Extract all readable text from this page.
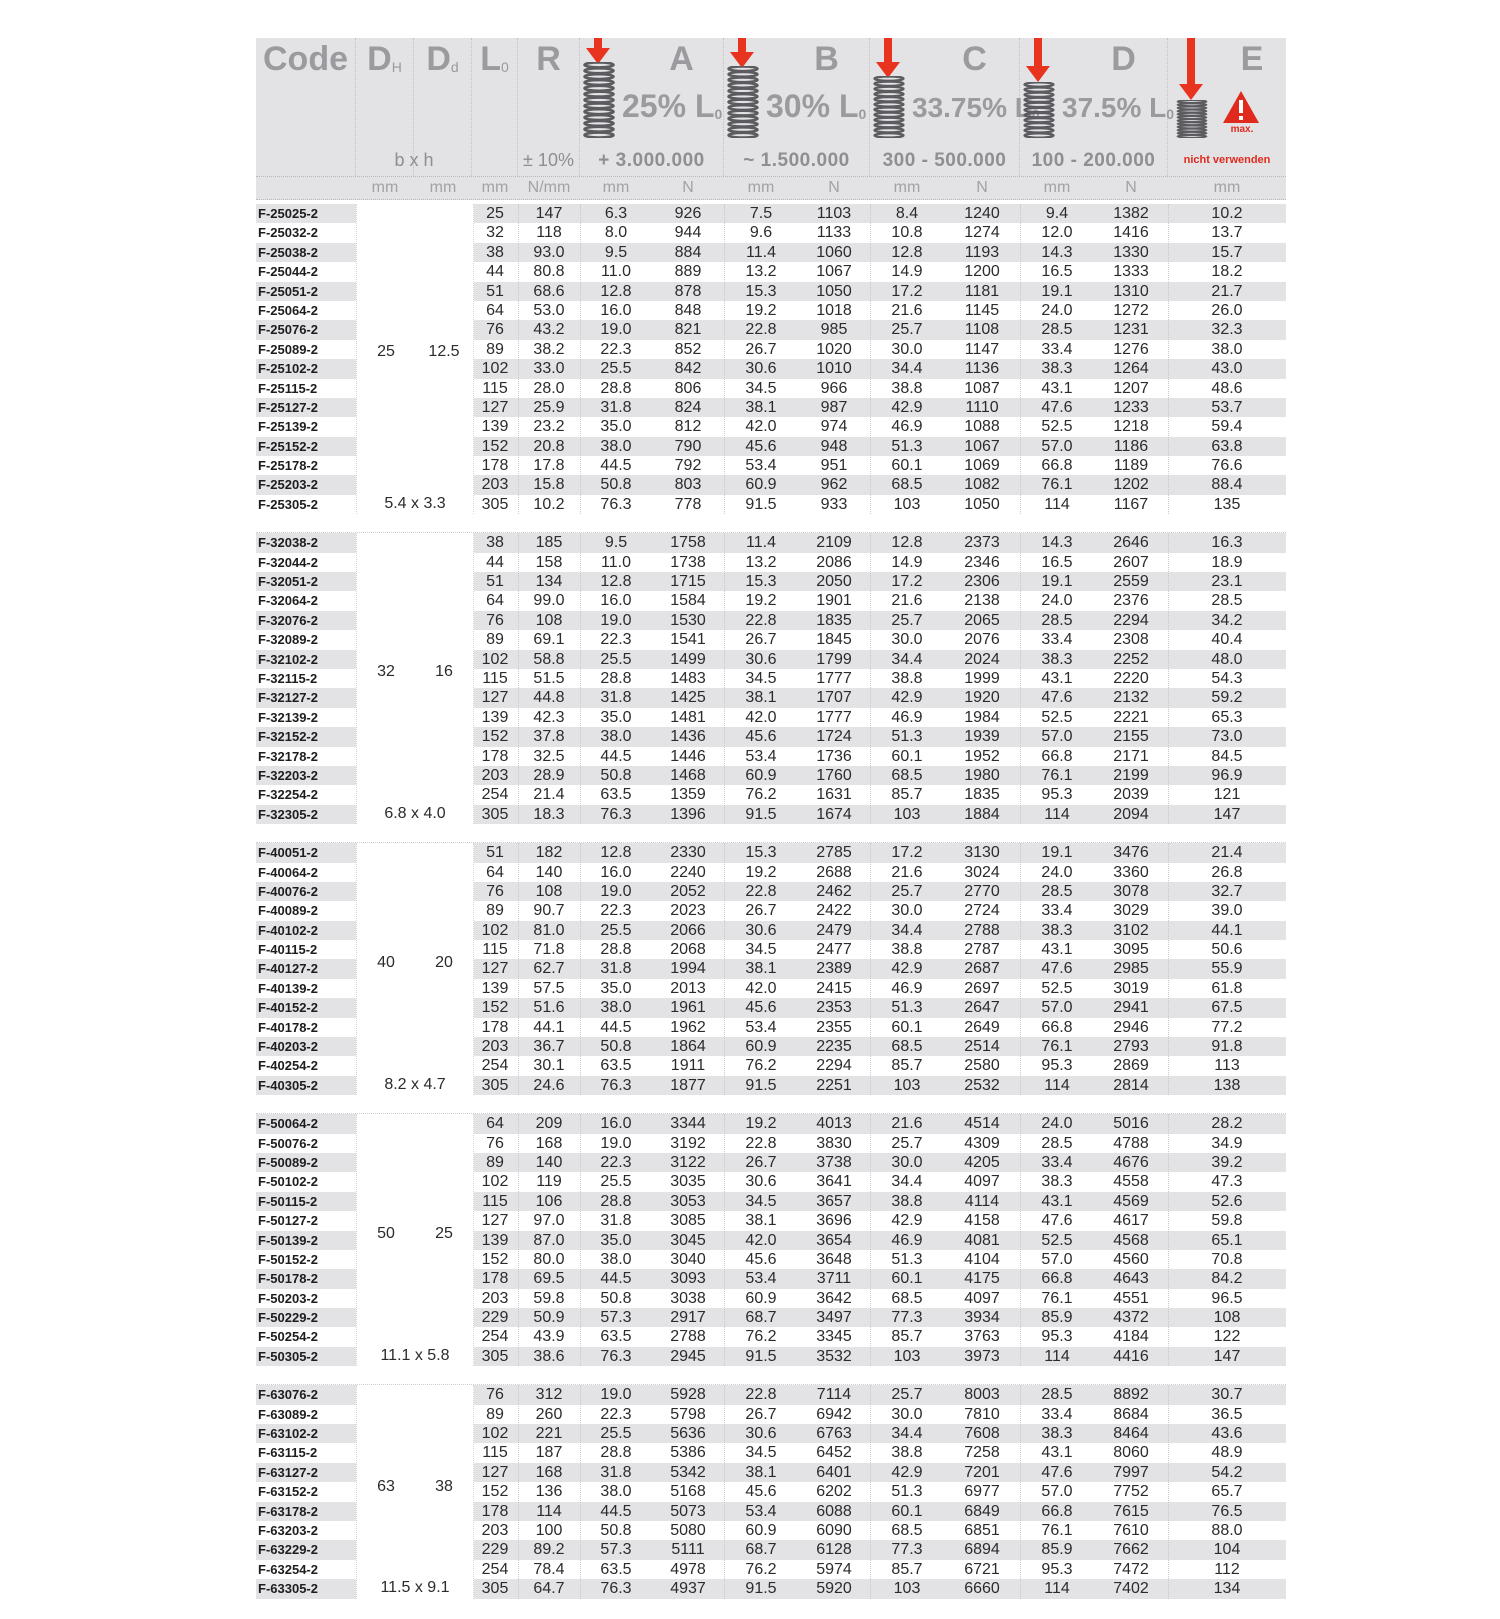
Code $D_H$ $D_d$
b x h
$L_0$ R
± 10%
A
25% $L_0$
+ 3.000.000
B
30% $L_0$
~ 1.500.000
C
33.75% $L_0$
300 - 500.000
D
37.5% $L_0$
100 - 200.000
E
max.
nicht verwenden
mm	mm	mm	N/mm	mm	N	mm	N	mm	N	mm	N	mm
F-25025-2	25	147	6.3	926	7.5	1103	8.4	1240	9.4	1382	10.2
F-25032-2	32	118	8.0	944	9.6	1133	10.8	1274	12.0	1416	13.7
F-25038-2	38	93.0	9.5	884	11.4	1060	12.8	1193	14.3	1330	15.7
F-25044-2	44	80.8	11.0	889	13.2	1067	14.9	1200	16.5	1333	18.2
F-25051-2	51	68.6	12.8	878	15.3	1050	17.2	1181	19.1	1310	21.7
F-25064-2	64	53.0	16.0	848	19.2	1018	21.6	1145	24.0	1272	26.0
F-25076-2	76	43.2	19.0	821	22.8	985	25.7	1108	28.5	1231	32.3
F-25089-2	89	38.2	22.3	852	26.7	1020	30.0	1147	33.4	1276	38.0
F-25102-2	102	33.0	25.5	842	30.6	1010	34.4	1136	38.3	1264	43.0
F-25115-2	115	28.0	28.8	806	34.5	966	38.8	1087	43.1	1207	48.6
F-25127-2	127	25.9	31.8	824	38.1	987	42.9	1110	47.6	1233	53.7
F-25139-2	139	23.2	35.0	812	42.0	974	46.9	1088	52.5	1218	59.4
F-25152-2	152	20.8	38.0	790	45.6	948	51.3	1067	57.0	1186	63.8
F-25178-2	178	17.8	44.5	792	53.4	951	60.1	1069	66.8	1189	76.6
F-25203-2	203	15.8	50.8	803	60.9	962	68.5	1082	76.1	1202	88.4
F-25305-2	305	10.2	76.3	778	91.5	933	103	1050	114	1167	135
25	12.5
5.4 x 3.3
F-32038-2	38	185	9.5	1758	11.4	2109	12.8	2373	14.3	2646	16.3
F-32044-2	44	158	11.0	1738	13.2	2086	14.9	2346	16.5	2607	18.9
F-32051-2	51	134	12.8	1715	15.3	2050	17.2	2306	19.1	2559	23.1
F-32064-2	64	99.0	16.0	1584	19.2	1901	21.6	2138	24.0	2376	28.5
F-32076-2	76	108	19.0	1530	22.8	1835	25.7	2065	28.5	2294	34.2
F-32089-2	89	69.1	22.3	1541	26.7	1845	30.0	2076	33.4	2308	40.4
F-32102-2	102	58.8	25.5	1499	30.6	1799	34.4	2024	38.3	2252	48.0
F-32115-2	115	51.5	28.8	1483	34.5	1777	38.8	1999	43.1	2220	54.3
F-32127-2	127	44.8	31.8	1425	38.1	1707	42.9	1920	47.6	2132	59.2
F-32139-2	139	42.3	35.0	1481	42.0	1777	46.9	1984	52.5	2221	65.3
F-32152-2	152	37.8	38.0	1436	45.6	1724	51.3	1939	57.0	2155	73.0
F-32178-2	178	32.5	44.5	1446	53.4	1736	60.1	1952	66.8	2171	84.5
F-32203-2	203	28.9	50.8	1468	60.9	1760	68.5	1980	76.1	2199	96.9
F-32254-2	254	21.4	63.5	1359	76.2	1631	85.7	1835	95.3	2039	121
F-32305-2	305	18.3	76.3	1396	91.5	1674	103	1884	114	2094	147
32	16
6.8 x 4.0
F-40051-2	51	182	12.8	2330	15.3	2785	17.2	3130	19.1	3476	21.4
F-40064-2	64	140	16.0	2240	19.2	2688	21.6	3024	24.0	3360	26.8
F-40076-2	76	108	19.0	2052	22.8	2462	25.7	2770	28.5	3078	32.7
F-40089-2	89	90.7	22.3	2023	26.7	2422	30.0	2724	33.4	3029	39.0
F-40102-2	102	81.0	25.5	2066	30.6	2479	34.4	2788	38.3	3102	44.1
F-40115-2	115	71.8	28.8	2068	34.5	2477	38.8	2787	43.1	3095	50.6
F-40127-2	127	62.7	31.8	1994	38.1	2389	42.9	2687	47.6	2985	55.9
F-40139-2	139	57.5	35.0	2013	42.0	2415	46.9	2697	52.5	3019	61.8
F-40152-2	152	51.6	38.0	1961	45.6	2353	51.3	2647	57.0	2941	67.5
F-40178-2	178	44.1	44.5	1962	53.4	2355	60.1	2649	66.8	2946	77.2
F-40203-2	203	36.7	50.8	1864	60.9	2235	68.5	2514	76.1	2793	91.8
F-40254-2	254	30.1	63.5	1911	76.2	2294	85.7	2580	95.3	2869	113
F-40305-2	305	24.6	76.3	1877	91.5	2251	103	2532	114	2814	138
40	20
8.2 x 4.7
F-50064-2	64	209	16.0	3344	19.2	4013	21.6	4514	24.0	5016	28.2
F-50076-2	76	168	19.0	3192	22.8	3830	25.7	4309	28.5	4788	34.9
F-50089-2	89	140	22.3	3122	26.7	3738	30.0	4205	33.4	4676	39.2
F-50102-2	102	119	25.5	3035	30.6	3641	34.4	4097	38.3	4558	47.3
F-50115-2	115	106	28.8	3053	34.5	3657	38.8	4114	43.1	4569	52.6
F-50127-2	127	97.0	31.8	3085	38.1	3696	42.9	4158	47.6	4617	59.8
F-50139-2	139	87.0	35.0	3045	42.0	3654	46.9	4081	52.5	4568	65.1
F-50152-2	152	80.0	38.0	3040	45.6	3648	51.3	4104	57.0	4560	70.8
F-50178-2	178	69.5	44.5	3093	53.4	3711	60.1	4175	66.8	4643	84.2
F-50203-2	203	59.8	50.8	3038	60.9	3642	68.5	4097	76.1	4551	96.5
F-50229-2	229	50.9	57.3	2917	68.7	3497	77.3	3934	85.9	4372	108
F-50254-2	254	43.9	63.5	2788	76.2	3345	85.7	3763	95.3	4184	122
F-50305-2	305	38.6	76.3	2945	91.5	3532	103	3973	114	4416	147
50	25
11.1 x 5.8
F-63076-2	76	312	19.0	5928	22.8	7114	25.7	8003	28.5	8892	30.7
F-63089-2	89	260	22.3	5798	26.7	6942	30.0	7810	33.4	8684	36.5
F-63102-2	102	221	25.5	5636	30.6	6763	34.4	7608	38.3	8464	43.6
F-63115-2	115	187	28.8	5386	34.5	6452	38.8	7258	43.1	8060	48.9
F-63127-2	127	168	31.8	5342	38.1	6401	42.9	7201	47.6	7997	54.2
F-63152-2	152	136	38.0	5168	45.6	6202	51.3	6977	57.0	7752	65.7
F-63178-2	178	114	44.5	5073	53.4	6088	60.1	6849	66.8	7615	76.5
F-63203-2	203	100	50.8	5080	60.9	6090	68.5	6851	76.1	7610	88.0
F-63229-2	229	89.2	57.3	5111	68.7	6128	77.3	6894	85.9	7662	104
F-63254-2	254	78.4	63.5	4978	76.2	5974	85.7	6721	95.3	7472	112
F-63305-2	305	64.7	76.3	4937	91.5	5920	103	6660	114	7402	134
63	38
11.5 x 9.1
